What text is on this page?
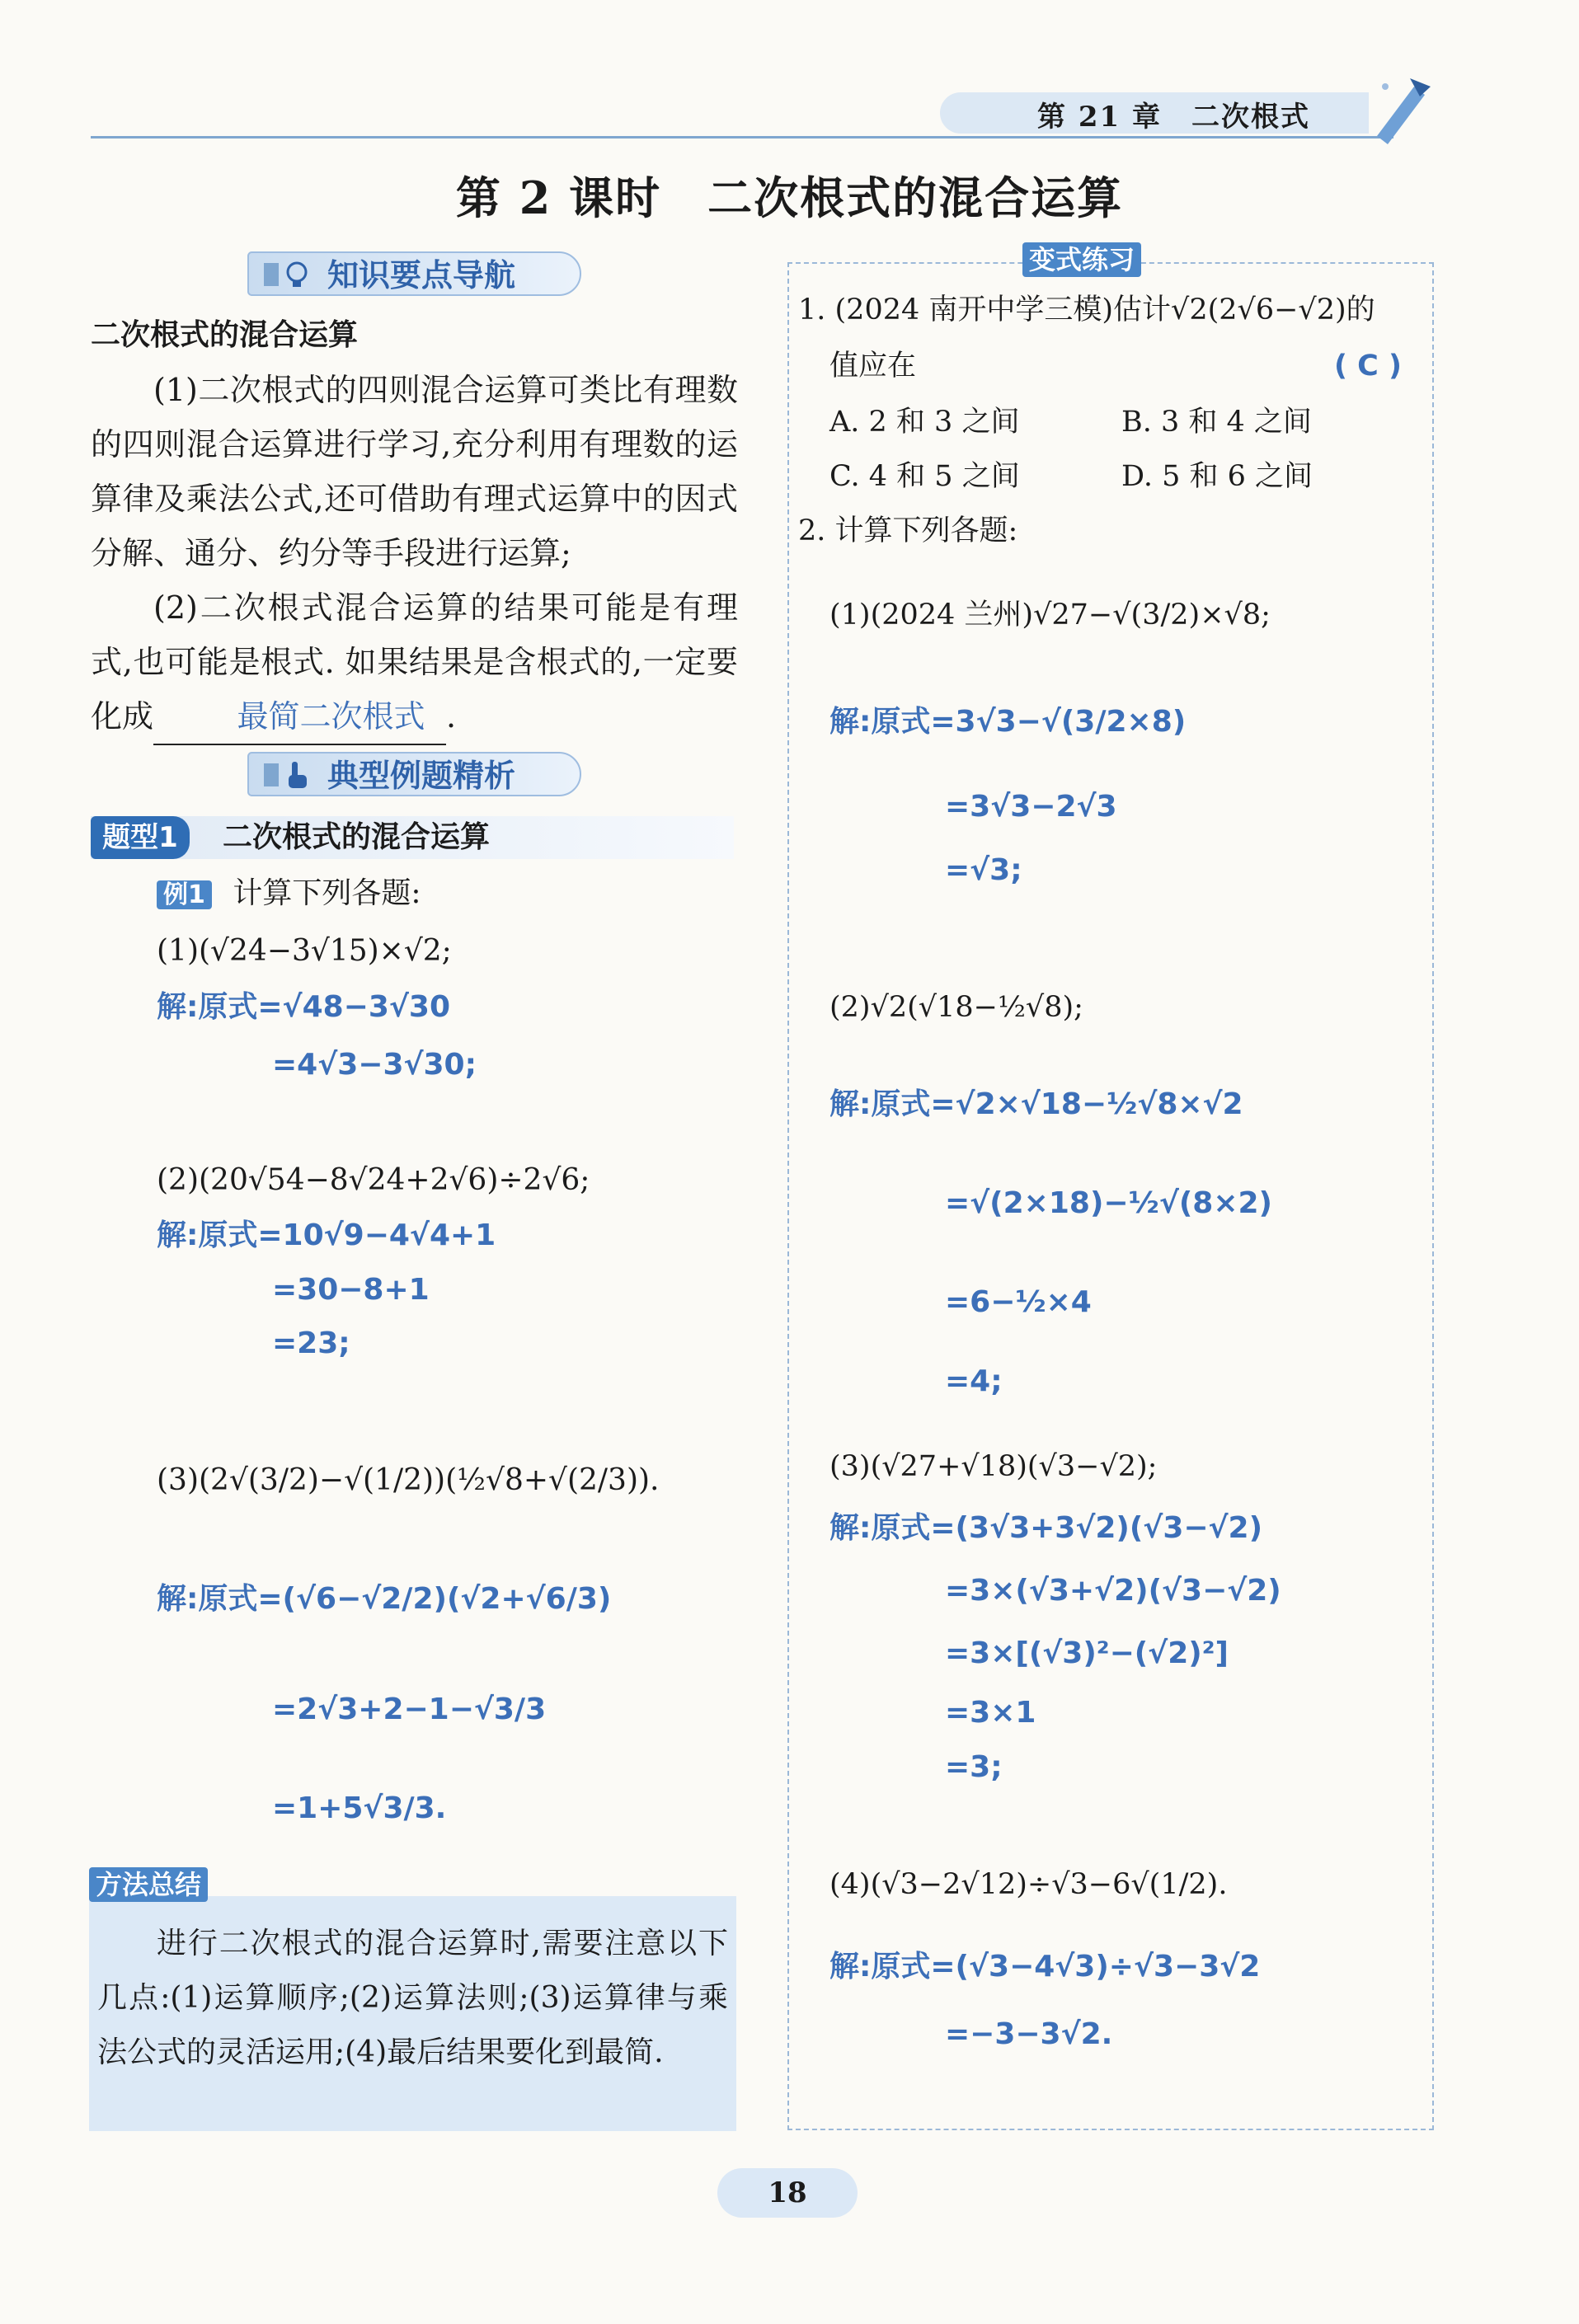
第 21 章　二次根式
第 2 课时　二次根式的混合运算
知识要点导航
二次根式的混合运算
(1)二次根式的四则混合运算可类比有理数的四则混合运算进行学习,充分利用有理数的运算律及乘法公式,还可借助有理式运算中的因式分解、通分、约分等手段进行运算;
(2)二次根式混合运算的结果可能是有理式,也可能是根式. 如果结果是含根式的,一定要化成	最简二次根式 .
典型例题精析
题型1	二次根式的混合运算
例1 计算下列各题:
(1)(√24−3√15)×√2;
解:原式=√48−3√30
=4√3−3√30;
(2)(20√54−8√24+2√6)÷2√6;
解:原式=10√9−4√4+1
=30−8+1
=23;
(3)(2√(3/2)−√(1/2))(½√8+√(2/3)).
解:原式=(√6−√2/2)(√2+√6/3)
=2√3+2−1−√3/3
=1+5√3/3.
方法总结
进行二次根式的混合运算时,需要注意以下几点:(1)运算顺序;(2)运算法则;(3)运算律与乘法公式的灵活运用;(4)最后结果要化到最简.
变式练习
1. (2024 南开中学三模)估计√2(2√6−√2)的
值应在	( C )
A. 2 和 3 之间	B. 3 和 4 之间
C. 4 和 5 之间	D. 5 和 6 之间
2. 计算下列各题:
(1)(2024 兰州)√27−√(3/2)×√8;
解:原式=3√3−√(3/2×8)
=3√3−2√3
=√3;
(2)√2(√18−½√8);
解:原式=√2×√18−½√8×√2
=√(2×18)−½√(8×2)
=6−½×4
=4;
(3)(√27+√18)(√3−√2);
解:原式=(3√3+3√2)(√3−√2)
=3×(√3+√2)(√3−√2)
=3×[(√3)²−(√2)²]
=3×1
=3;
(4)(√3−2√12)÷√3−6√(1/2).
解:原式=(√3−4√3)÷√3−3√2
=−3−3√2.
18
